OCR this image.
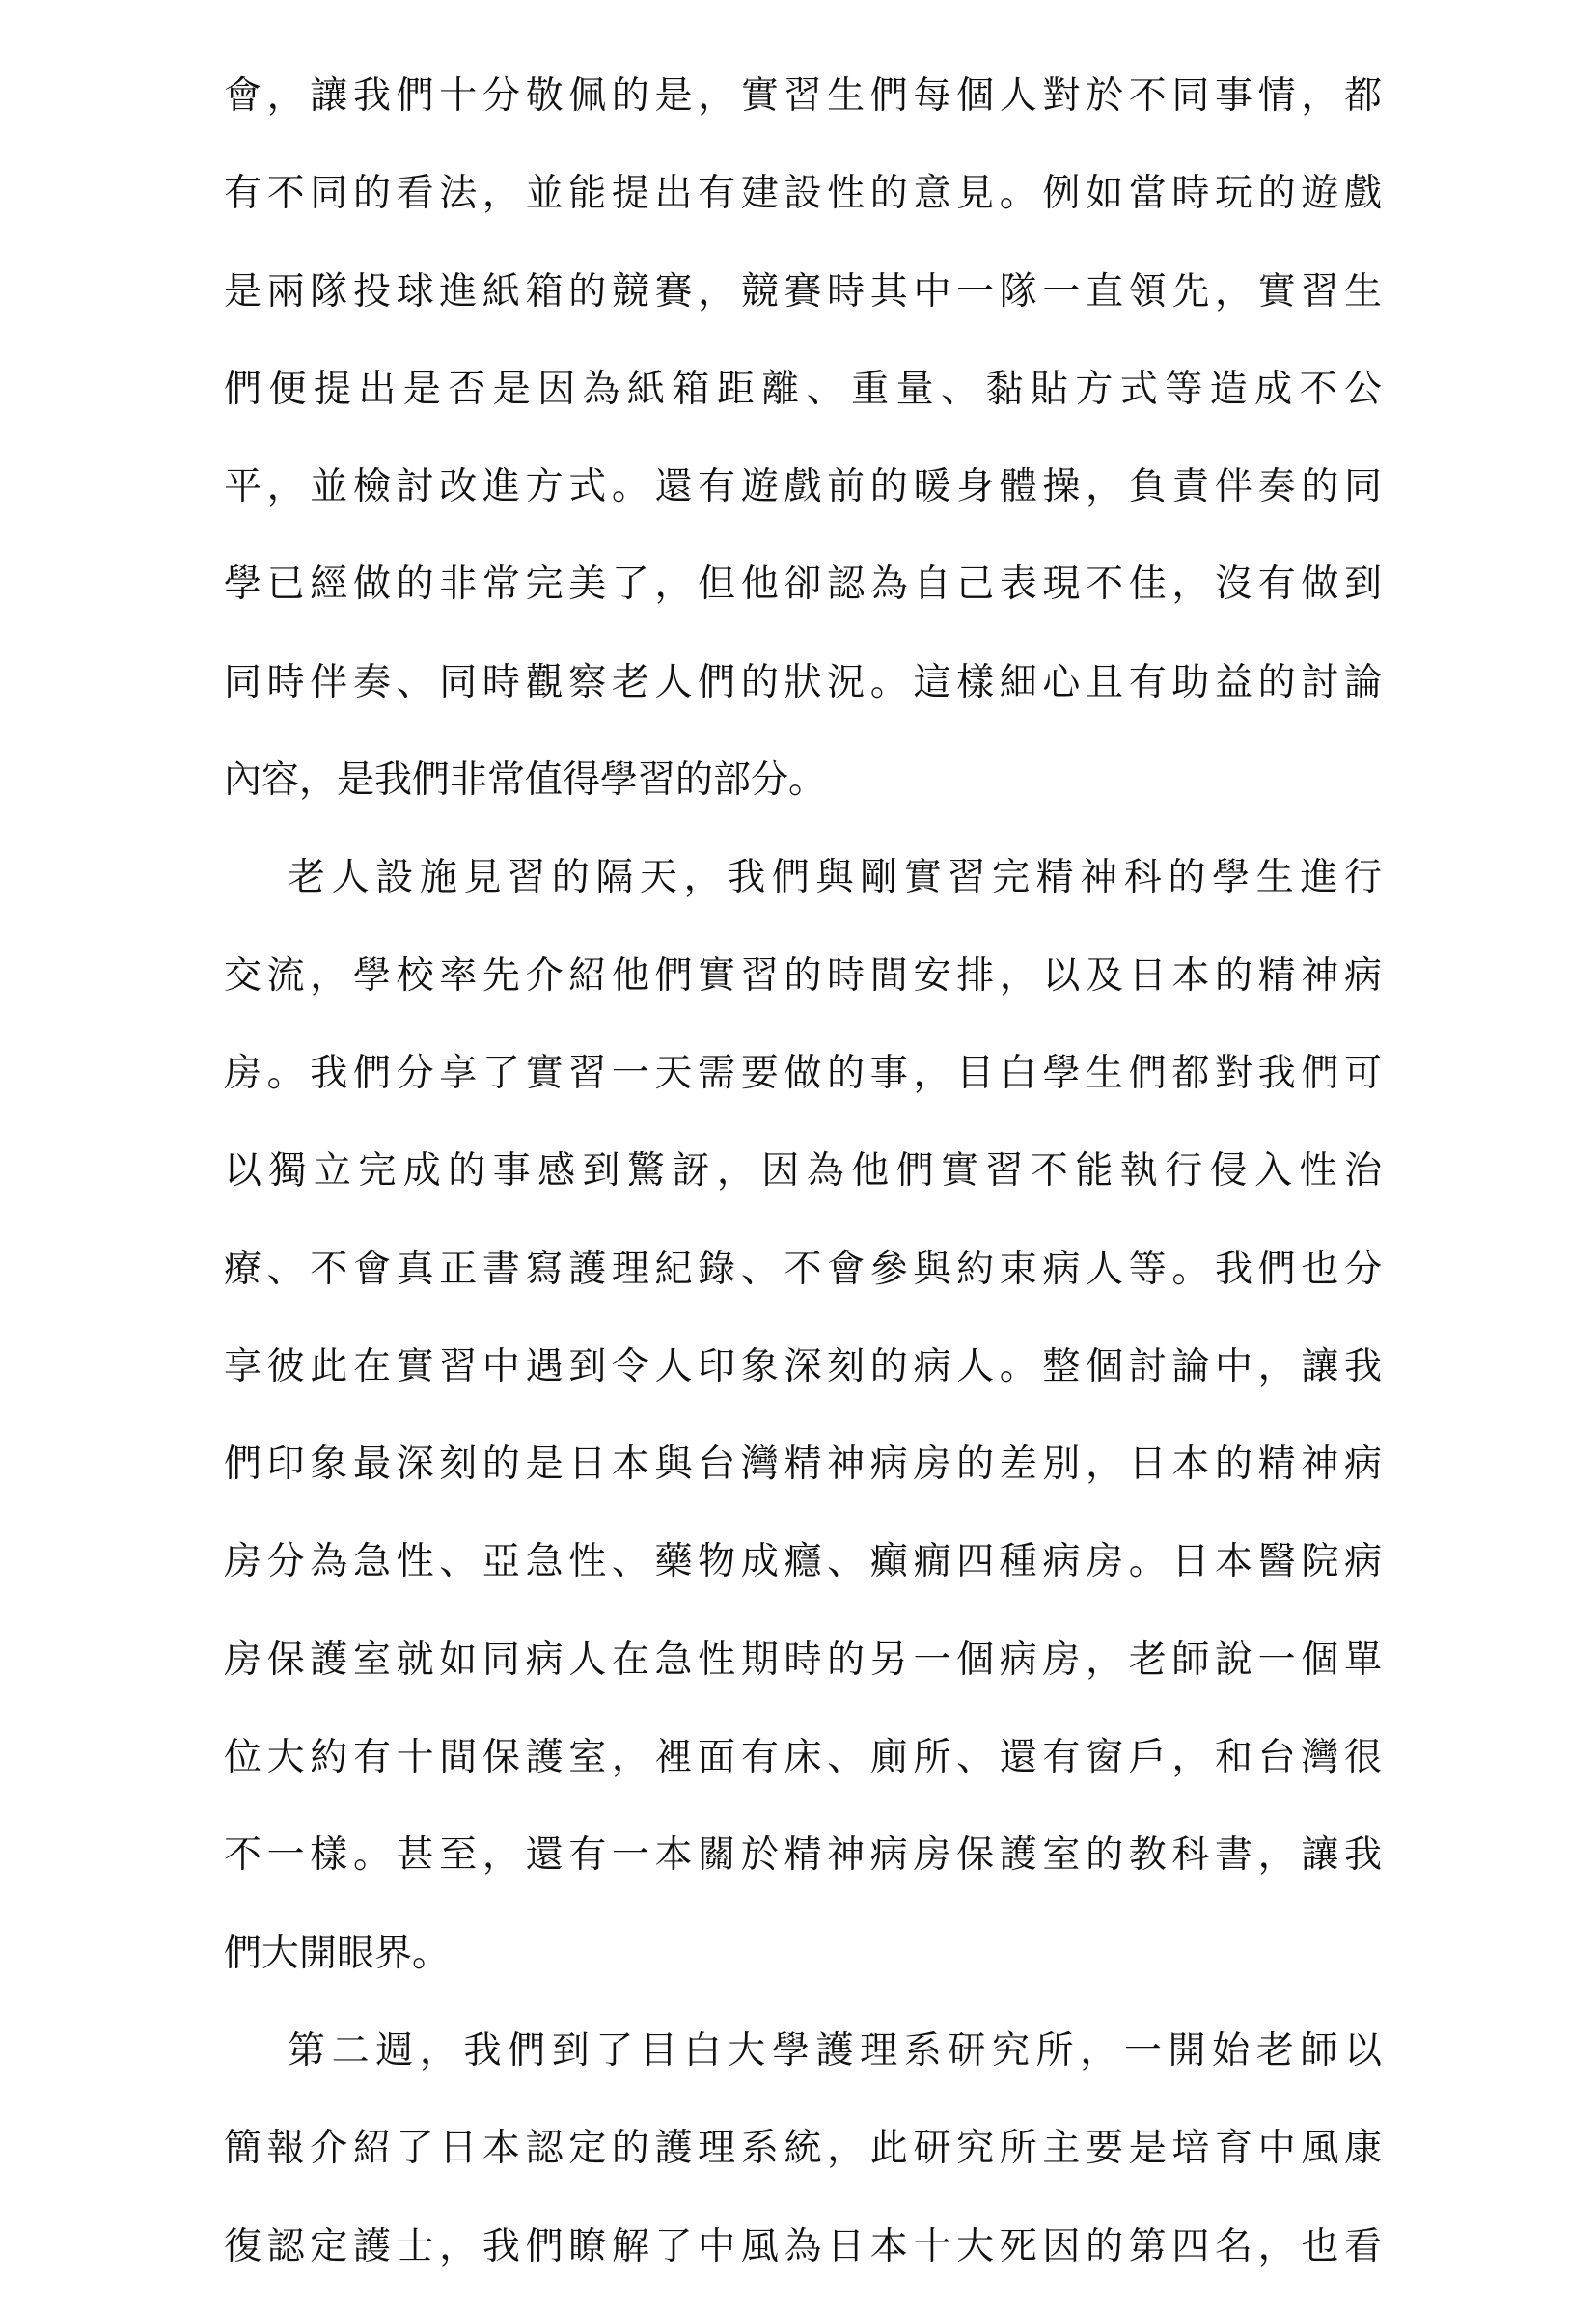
會，讓我們十分敬佩的是，實習生們每個人對於不同事情，都
有不同的看法，並能提出有建設性的意見。例如當時玩的遊戲
是兩隊投球進紙箱的競賽，競賽時其中一隊一直領先，實習生
們便提出是否是因為紙箱距離、重量、黏貼方式等造成不公
平，並檢討改進方式。還有遊戲前的暖身體操，負責伴奏的同
學已經做的非常完美了，但他卻認為自己表現不佳，沒有做到
同時伴奏、同時觀察老人們的狀況。這樣細心且有助益的討論
內容，是我們非常值得學習的部分。
老人設施見習的隔天，我們與剛實習完精神科的學生進行
交流，學校率先介紹他們實習的時間安排，以及日本的精神病
房。我們分享了實習一天需要做的事，目白學生們都對我們可
以獨立完成的事感到驚訝，因為他們實習不能執行侵入性治
療、不會真正書寫護理紀錄、不會參與約束病人等。我們也分
享彼此在實習中遇到令人印象深刻的病人。整個討論中，讓我
們印象最深刻的是日本與台灣精神病房的差別，日本的精神病
房分為急性、亞急性、藥物成癮、癲癇四種病房。日本醫院病
房保護室就如同病人在急性期時的另一個病房，老師說一個單
位大約有十間保護室，裡面有床、廁所、還有窗戶，和台灣很
不一樣。甚至，還有一本關於精神病房保護室的教科書，讓我
們大開眼界。
第二週，我們到了目白大學護理系研究所，一開始老師以
簡報介紹了日本認定的護理系統，此研究所主要是培育中風康
復認定護士，我們瞭解了中風為日本十大死因的第四名，也看
